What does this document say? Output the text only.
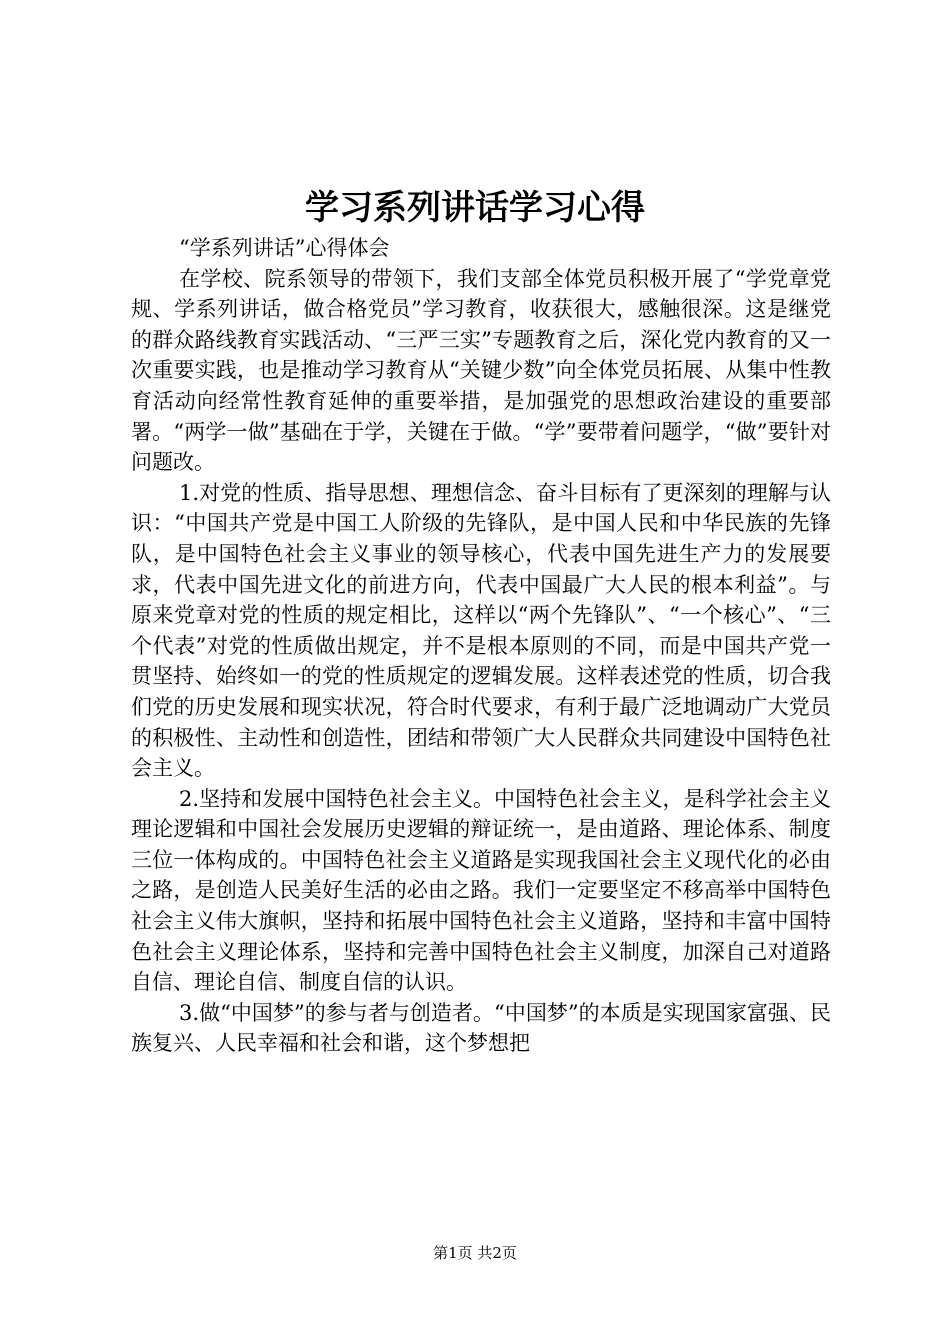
学习系列讲话学习心得

“学系列讲话”心得体会

在学校、院系领导的带领下，我们支部全体党员积极开展了“学党章党规、学系列讲话，做合格党员”学习教育，收获很大，感触很深。这是继党的群众路线教育实践活动、“三严三实”专题教育之后，深化党内教育的又一次重要实践，也是推动学习教育从“关键少数”向全体党员拓展、从集中性教育活动向经常性教育延伸的重要举措，是加强党的思想政治建设的重要部署。“两学一做”基础在于学，关键在于做。“学”要带着问题学，“做”要针对问题改。

1.对党的性质、指导思想、理想信念、奋斗目标有了更深刻的理解与认识：“中国共产党是中国工人阶级的先锋队，是中国人民和中华民族的先锋队，是中国特色社会主义事业的领导核心，代表中国先进生产力的发展要求，代表中国先进文化的前进方向，代表中国最广大人民的根本利益”。与原来党章对党的性质的规定相比，这样以“两个先锋队”、“一个核心”、“三个代表”对党的性质做出规定，并不是根本原则的不同，而是中国共产党一贯坚持、始终如一的党的性质规定的逻辑发展。这样表述党的性质，切合我们党的历史发展和现实状况，符合时代要求，有利于最广泛地调动广大党员的积极性、主动性和创造性，团结和带领广大人民群众共同建设中国特色社会主义。

2.坚持和发展中国特色社会主义。中国特色社会主义，是科学社会主义理论逻辑和中国社会发展历史逻辑的辩证统一，是由道路、理论体系、制度三位一体构成的。中国特色社会主义道路是实现我国社会主义现代化的必由之路，是创造人民美好生活的必由之路。我们一定要坚定不移高举中国特色社会主义伟大旗帜，坚持和拓展中国特色社会主义道路，坚持和丰富中国特色社会主义理论体系，坚持和完善中国特色社会主义制度，加深自己对道路自信、理论自信、制度自信的认识。

3.做“中国梦”的参与者与创造者。“中国梦”的本质是实现国家富强、民族复兴、人民幸福和社会和谐，这个梦想把

第1页 共2页
